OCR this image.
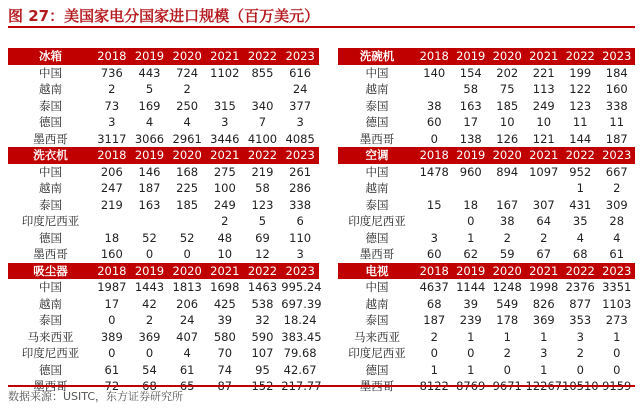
图 27：美国家电分国家进口规模（百万美元）
冰箱	2018	2019	2020	2021	2022	2023
中国	736	443	724	1102	855	616
越南	2	5	2			24
泰国	73	169	250	315	340	377
德国	3	4	4	3	7	3
墨西哥	3117	3066	2961	3446	4100	4085
洗衣机	2018	2019	2020	2021	2022	2023
中国	206	146	168	275	219	261
越南	247	187	225	100	58	286
泰国	219	163	185	249	123	338
印度尼西亚				2	5	6
德国	18	52	52	48	69	110
墨西哥	160	0	0	10	12	3
吸尘器	2018	2019	2020	2021	2022	2023
中国	1987	1443	1813	1698	1463	995.24
越南	17	42	206	425	538	697.39
泰国	0	2	24	39	32	18.24
马来西亚	389	369	407	580	590	383.45
印度尼西亚	0	0	4	70	107	79.68
德国	61	54	61	74	95	42.67
墨西哥	72	68	65	87	152	217.77
洗碗机	2018	2019	2020	2021	2022	2023
中国	140	154	202	221	199	184
越南		58	75	113	122	160
泰国	38	163	185	249	123	338
德国	60	17	10	10	11	11
墨西哥	0	138	126	121	144	187
空调	2018	2019	2020	2021	2022	2023
中国	1478	960	894	1097	952	667
越南					1	2
泰国	15	18	167	307	431	309
印度尼西亚		0	38	64	35	28
德国	3	1	2	2	4	4
墨西哥	60	62	59	67	68	61
电视	2018	2019	2020	2021	2022	2023
中国	4637	1144	1248	1998	2376	3351
越南	68	39	549	826	877	1103
泰国	187	239	178	369	353	273
马来西亚	2	1	1	1	3	1
印度尼西亚	0	0	2	3	2	0
德国	1	1	0	1	0	0
墨西哥	8122	8769	9671	12267	10510	9159
数据来源：USITC，东方证券研究所
